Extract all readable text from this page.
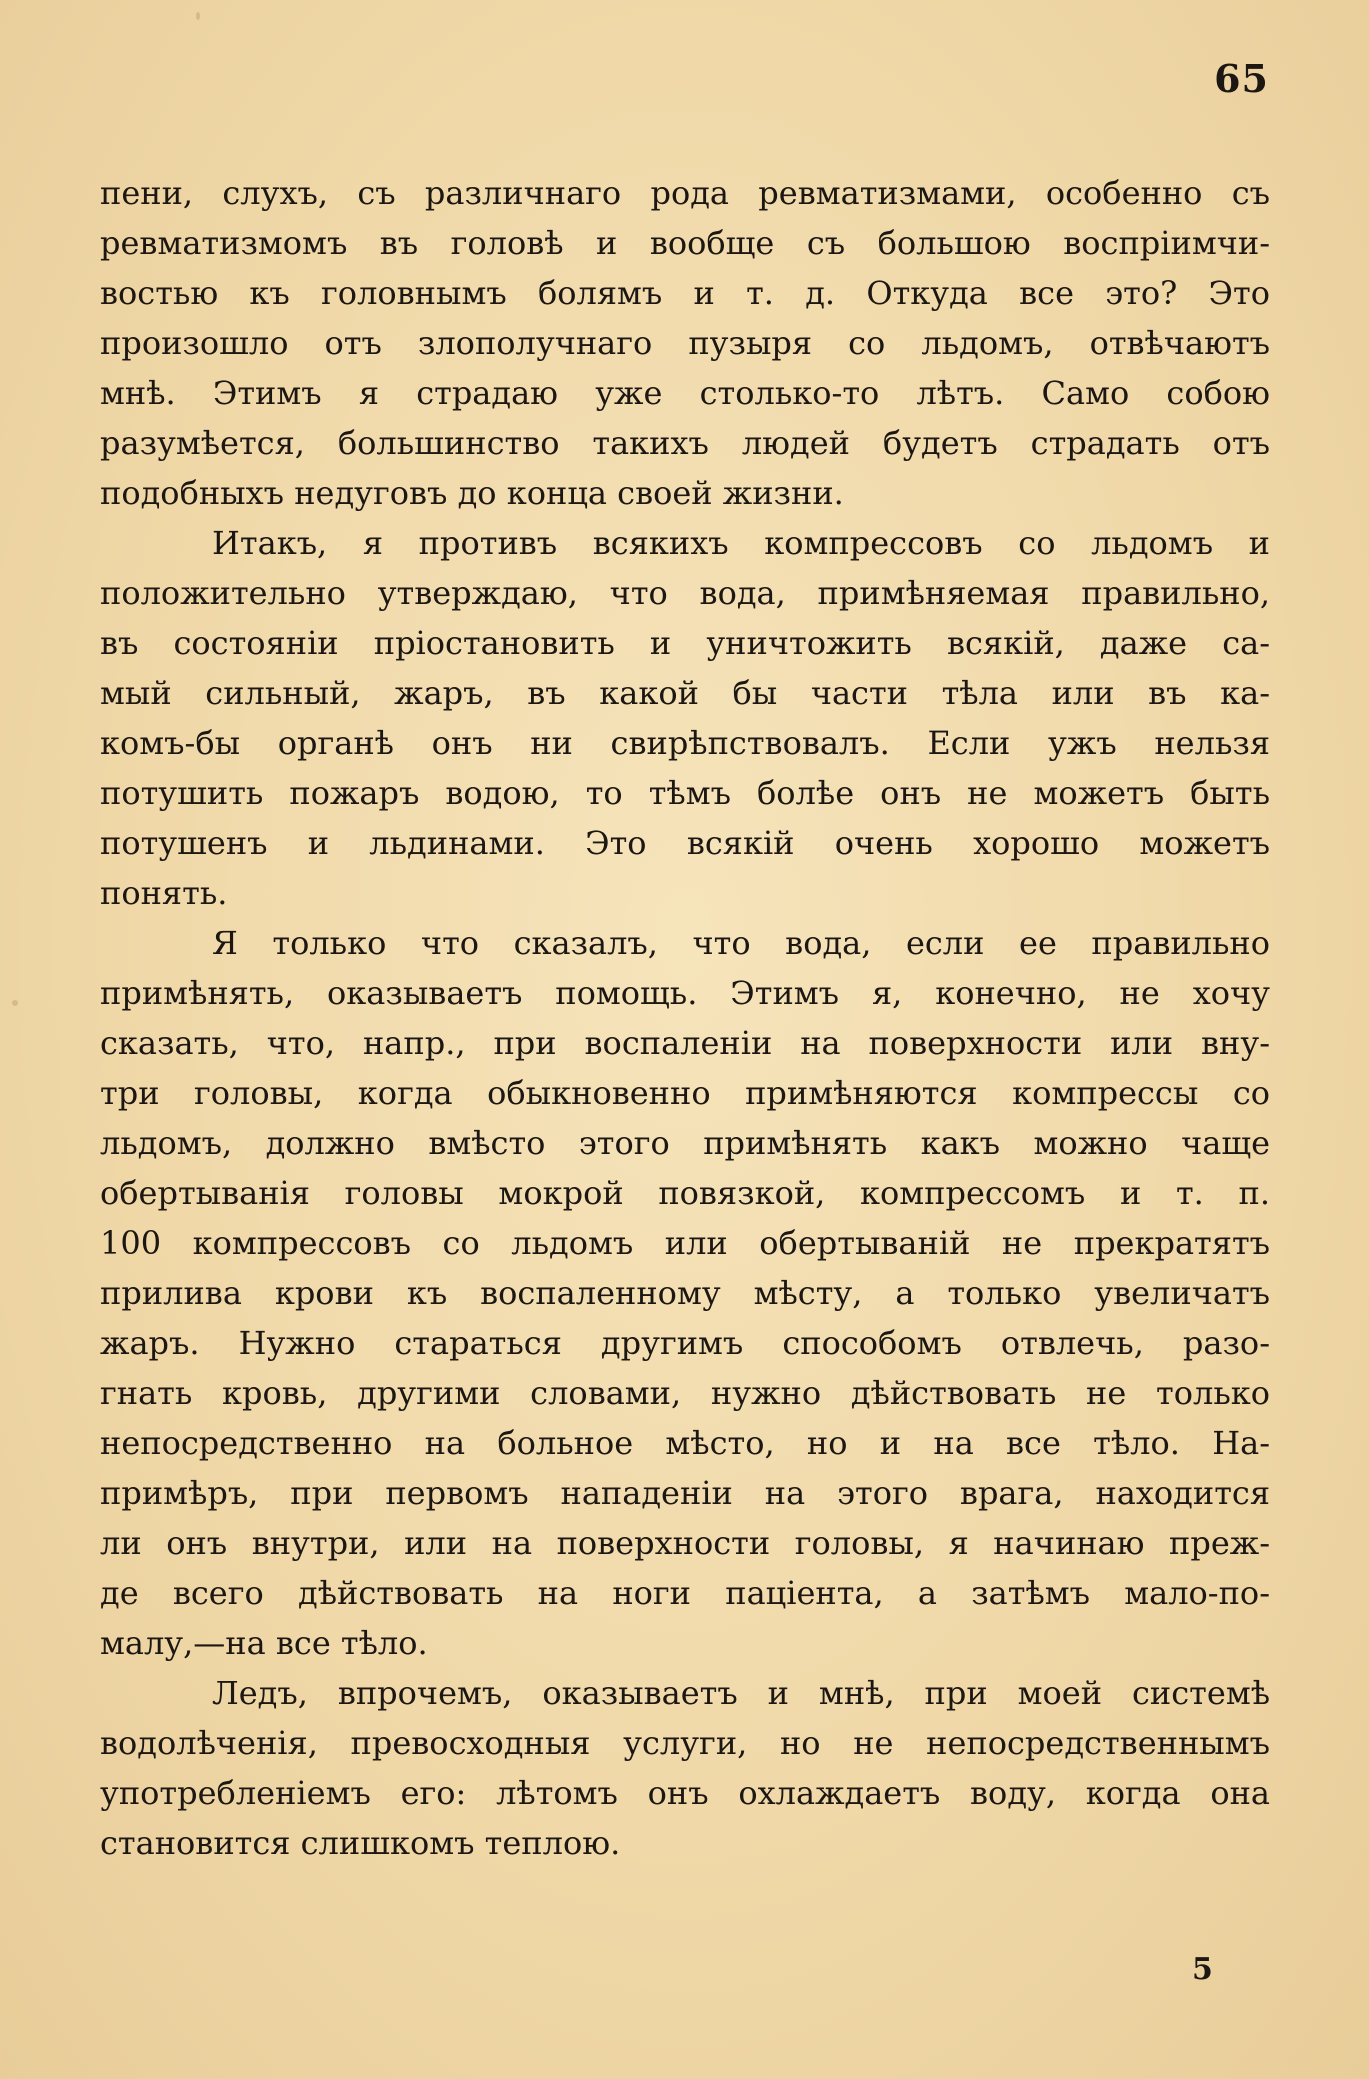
65
пени, слухъ, съ различнаго рода ревматизмами, особенно съ
ревматизмомъ въ головѣ и вообще съ большою воспріимчи-
востью къ головнымъ болямъ и т. д. Откуда все это? Это
произошло отъ злополучнаго пузыря со льдомъ, отвѣчаютъ
мнѣ. Этимъ я страдаю уже столько-то лѣтъ. Само собою
разумѣется, большинство такихъ людей будетъ страдать отъ
подобныхъ недуговъ до конца своей жизни.
Итакъ, я противъ всякихъ компрессовъ со льдомъ и
положительно утверждаю, что вода, примѣняемая правильно,
въ состояніи пріостановить и уничтожить всякій, даже са-
мый сильный, жаръ, въ какой бы части тѣла или въ ка-
комъ-бы органѣ онъ ни свирѣпствовалъ. Если ужъ нельзя
потушить пожаръ водою, то тѣмъ болѣе онъ не можетъ быть
потушенъ и льдинами. Это всякій очень хорошо можетъ
понять.
Я только что сказалъ, что вода, если ее правильно
примѣнять, оказываетъ помощь. Этимъ я, конечно, не хочу
сказать, что, напр., при воспаленіи на поверхности или вну-
три головы, когда обыкновенно примѣняются компрессы со
льдомъ, должно вмѣсто этого примѣнять какъ можно чаще
обертыванія головы мокрой повязкой, компрессомъ и т. п.
100 компрессовъ со льдомъ или обертываній не прекратятъ
прилива крови къ воспаленному мѣсту, а только увеличатъ
жаръ. Нужно стараться другимъ способомъ отвлечь, разо-
гнать кровь, другими словами, нужно дѣйствовать не только
непосредственно на больное мѣсто, но и на все тѣло. На-
примѣръ, при первомъ нападеніи на этого врага, находится
ли онъ внутри, или на поверхности головы, я начинаю преж-
де всего дѣйствовать на ноги паціента, а затѣмъ мало-по-
малу,—на все тѣло.
Ледъ, впрочемъ, оказываетъ и мнѣ, при моей системѣ
водолѣченія, превосходныя услуги, но не непосредственнымъ
употребленіемъ его: лѣтомъ онъ охлаждаетъ воду, когда она
становится слишкомъ теплою.
5
